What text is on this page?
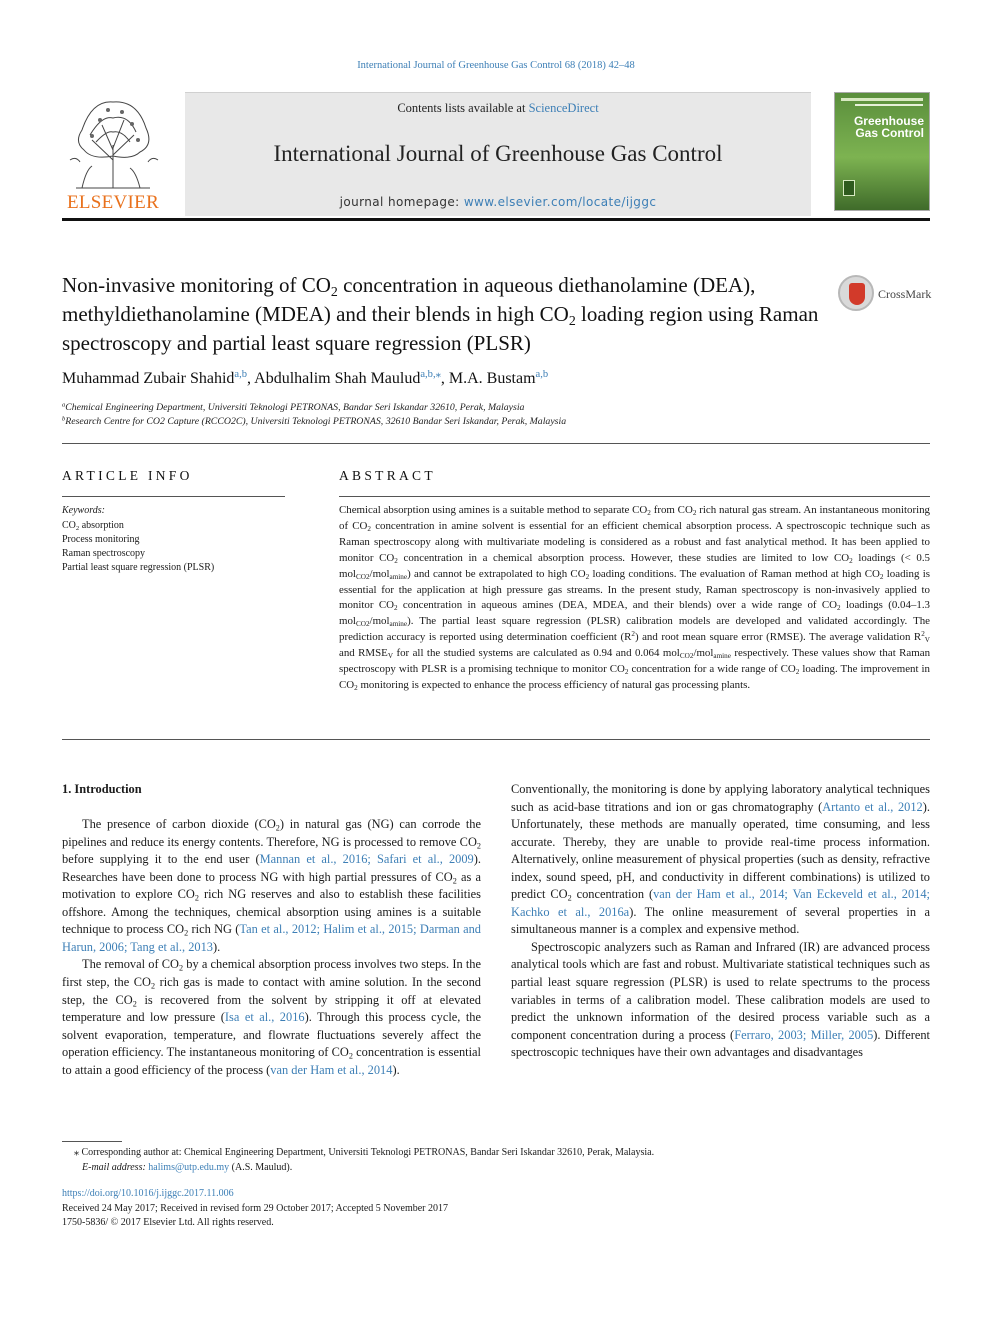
International Journal of Greenhouse Gas Control 68 (2018) 42–48
ELSEVIER
Contents lists available at ScienceDirect
International Journal of Greenhouse Gas Control
journal homepage: www.elsevier.com/locate/ijggc
Greenhouse
Gas Control
Non-invasive monitoring of $CO_2$ concentration in aqueous diethanolamine (DEA), methyldiethanolamine (MDEA) and their blends in high $CO_2$ loading region using Raman spectroscopy and partial least square regression (PLSR)
CrossMark
Muhammad Zubair Shahid$^{a,b}$, Abdulhalim Shah Maulud$^{a,b,⁎}$, M.A. Bustam$^{a,b}$
$^a$Chemical Engineering Department, Universiti Teknologi PETRONAS, Bandar Seri Iskandar 32610, Perak, Malaysia
$^b$Research Centre for CO2 Capture (RCCO2C), Universiti Teknologi PETRONAS, 32610 Bandar Seri Iskandar, Perak, Malaysia
ARTICLE INFO
Keywords:
$CO_2$ absorption
Process monitoring
Raman spectroscopy
Partial least square regression (PLSR)
ABSTRACT
Chemical absorption using amines is a suitable method to separate $CO_2$ from $CO_2$ rich natural gas stream. An instantaneous monitoring of $CO_2$ concentration in amine solvent is essential for an efficient chemical absorption process. A spectroscopic technique such as Raman spectroscopy along with multivariate modeling is considered as a robust and fast analytical method. It has been applied to monitor $CO_2$ concentration in a chemical absorption process. However, these studies are limited to low $CO_2$ loadings (< 0.5 mol$_{CO2}$/mol$_{amine}$) and cannot be extrapolated to high $CO_2$ loading conditions. The evaluation of Raman method at high $CO_2$ loading is essential for the application at high pressure gas streams. In the present study, Raman spectroscopy is non-invasively applied to monitor $CO_2$ concentration in aqueous amines (DEA, MDEA, and their blends) over a wide range of $CO_2$ loadings (0.04–1.3 mol$_{CO2}$/mol$_{amine}$). The partial least square regression (PLSR) calibration models are developed and validated accordingly. The prediction accuracy is reported using determination coefficient $(R^2)$ and root mean square error (RMSE). The average validation $R^2_V$ and $RMSE_V$ for all the studied systems are calculated as 0.94 and 0.064 mol$_{CO2}$/mol$_{amine}$ respectively. These values show that Raman spectroscopy with PLSR is a promising technique to monitor $CO_2$ concentration for a wide range of $CO_2$ loading. The improvement in $CO_2$ monitoring is expected to enhance the process efficiency of natural gas processing plants.
1. Introduction

The presence of carbon dioxide $(CO_2)$ in natural gas (NG) can corrode the pipelines and reduce its energy contents. Therefore, NG is processed to remove $CO_2$ before supplying it to the end user (Mannan et al., 2016; Safari et al., 2009). Researches have been done to process NG with high partial pressures of $CO_2$ as a motivation to explore $CO_2$ rich NG reserves and also to establish these facilities offshore. Among the techniques, chemical absorption using amines is a suitable technique to process $CO_2$ rich NG (Tan et al., 2012; Halim et al., 2015; Darman and Harun, 2006; Tang et al., 2013).

The removal of $CO_2$ by a chemical absorption process involves two steps. In the first step, the $CO_2$ rich gas is made to contact with amine solution. In the second step, the $CO_2$ is recovered from the solvent by stripping it off at elevated temperature and low pressure (Isa et al., 2016). Through this process cycle, the solvent evaporation, temperature, and flowrate fluctuations severely affect the operation efficiency. The instantaneous monitoring of $CO_2$ concentration is essential to attain a good efficiency of the process (van der Ham et al., 2014).

Conventionally, the monitoring is done by applying laboratory analytical techniques such as acid-base titrations and ion or gas chromatography (Artanto et al., 2012). Unfortunately, these methods are manually operated, time consuming, and less accurate. Thereby, they are unable to provide real-time process information. Alternatively, online measurement of physical properties (such as density, refractive index, sound speed, pH, and conductivity in different combinations) is utilized to predict $CO_2$ concentration (van der Ham et al., 2014; Van Eckeveld et al., 2014; Kachko et al., 2016a). The online measurement of several properties in a simultaneous manner is a complex and expensive method.

Spectroscopic analyzers such as Raman and Infrared (IR) are advanced process analytical tools which are fast and robust. Multivariate statistical techniques such as partial least square regression (PLSR) is used to relate spectrums to the process variables in terms of a calibration model. These calibration models are used to predict the unknown information of the desired process variable such as a component concentration during a process (Ferraro, 2003; Miller, 2005). Different spectroscopic techniques have their own advantages and disadvantages

⁎ Corresponding author at: Chemical Engineering Department, Universiti Teknologi PETRONAS, Bandar Seri Iskandar 32610, Perak, Malaysia.
E-mail address: halims@utp.edu.my (A.S. Maulud).
https://doi.org/10.1016/j.ijggc.2017.11.006
Received 24 May 2017; Received in revised form 29 October 2017; Accepted 5 November 2017
1750-5836/ © 2017 Elsevier Ltd. All rights reserved.
